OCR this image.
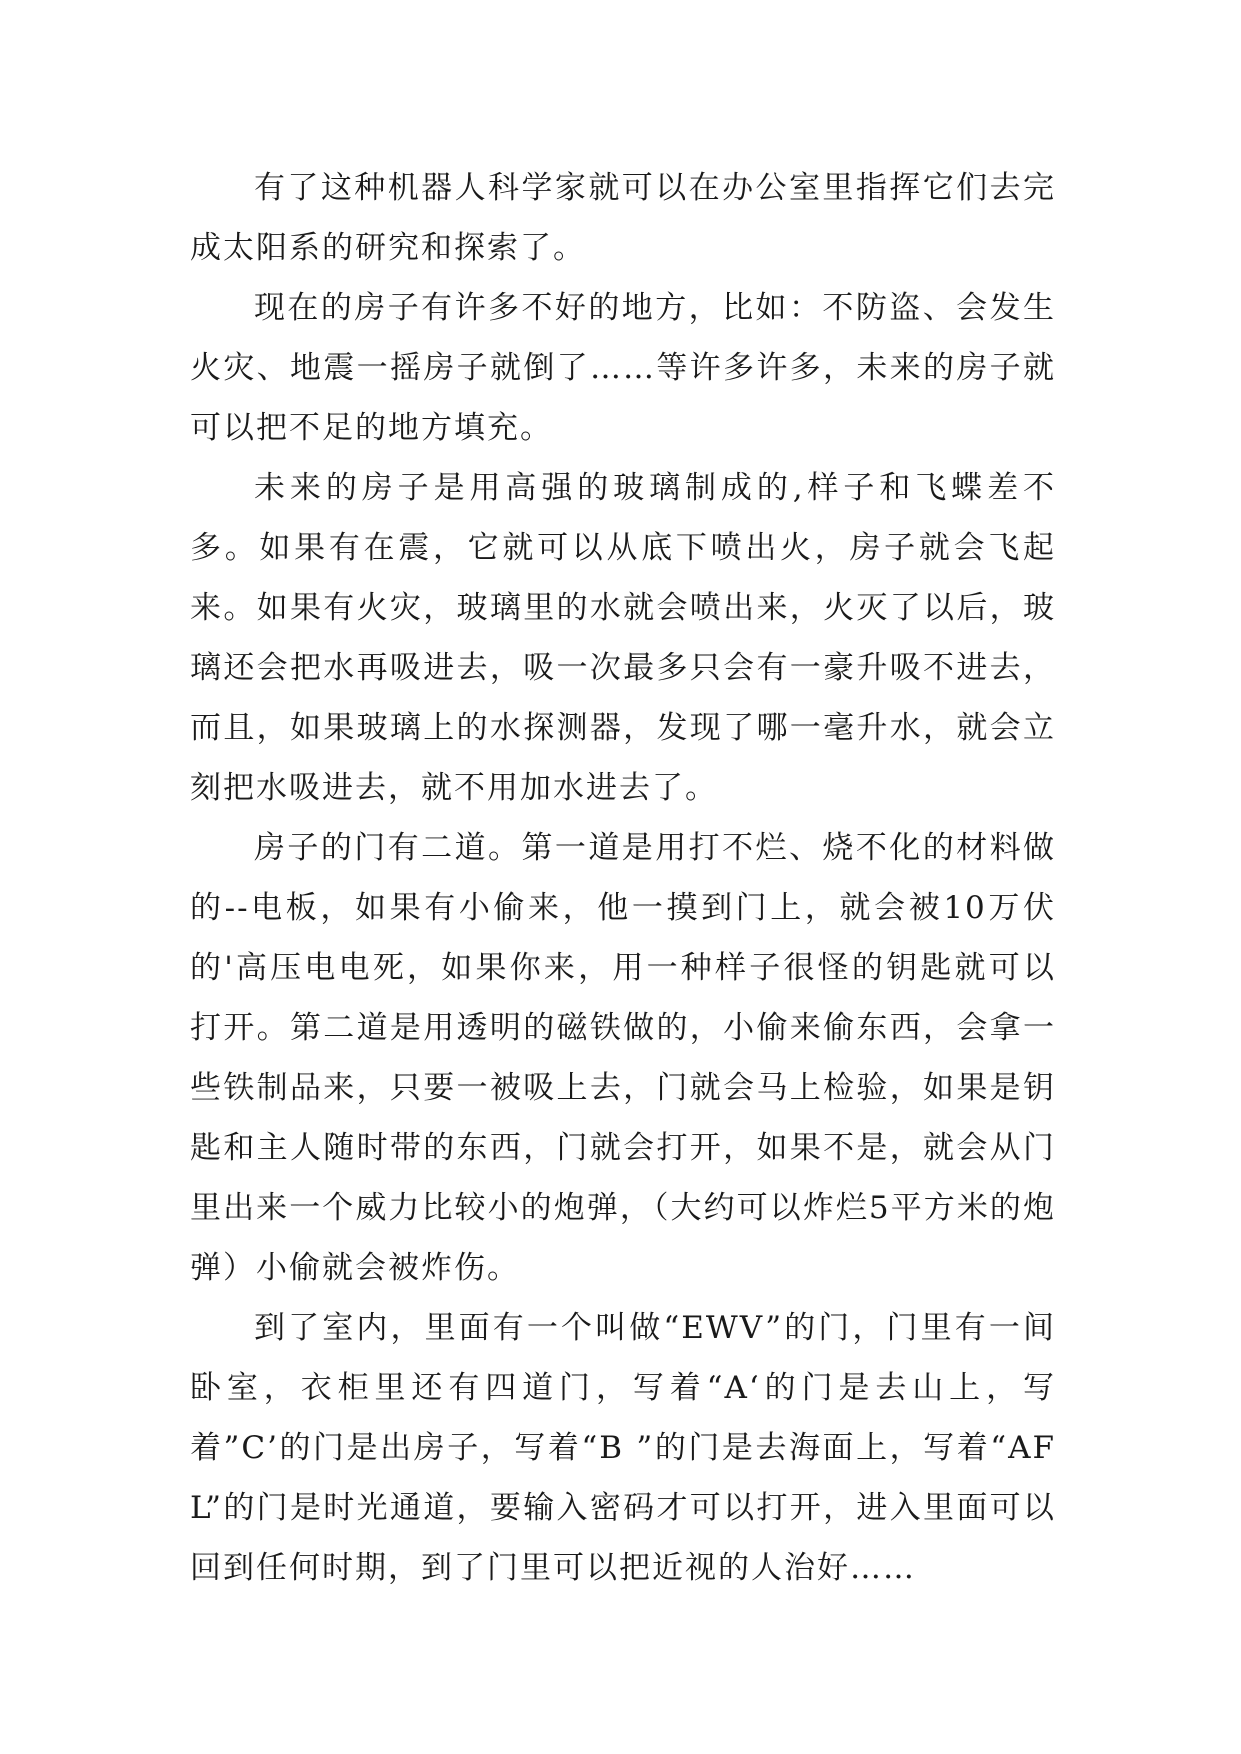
有了这种机器人科学家就可以在办公室里指挥它们去完成太阳系的研究和探索了。

现在的房子有许多不好的地方，比如：不防盗、会发生火灾、地震一摇房子就倒了……等许多许多，未来的房子就可以把不足的地方填充。

未来的房子是用高强的玻璃制成的,样子和飞蝶差不多。如果有在震，它就可以从底下喷出火，房子就会飞起来。如果有火灾，玻璃里的水就会喷出来，火灭了以后，玻璃还会把水再吸进去，吸一次最多只会有一豪升吸不进去，而且，如果玻璃上的水探测器，发现了哪一毫升水，就会立刻把水吸进去，就不用加水进去了。

房子的门有二道。第一道是用打不烂、烧不化的材料做的--电板，如果有小偷来，他一摸到门上，就会被10万伏的'高压电电死，如果你来，用一种样子很怪的钥匙就可以打开。第二道是用透明的磁铁做的，小偷来偷东西，会拿一些铁制品来，只要一被吸上去，门就会马上检验，如果是钥匙和主人随时带的东西，门就会打开，如果不是，就会从门里出来一个威力比较小的炮弹，（大约可以炸烂5平方米的炮弹）小偷就会被炸伤。

到了室内，里面有一个叫做“EWV”的门，门里有一间卧室，衣柜里还有四道门，写着“A‘的门是去山上，写着”C’的门是出房子，写着“B ”的门是去海面上，写着“AFL”的门是时光通道，要输入密码才可以打开，进入里面可以回到任何时期，到了门里可以把近视的人治好……
